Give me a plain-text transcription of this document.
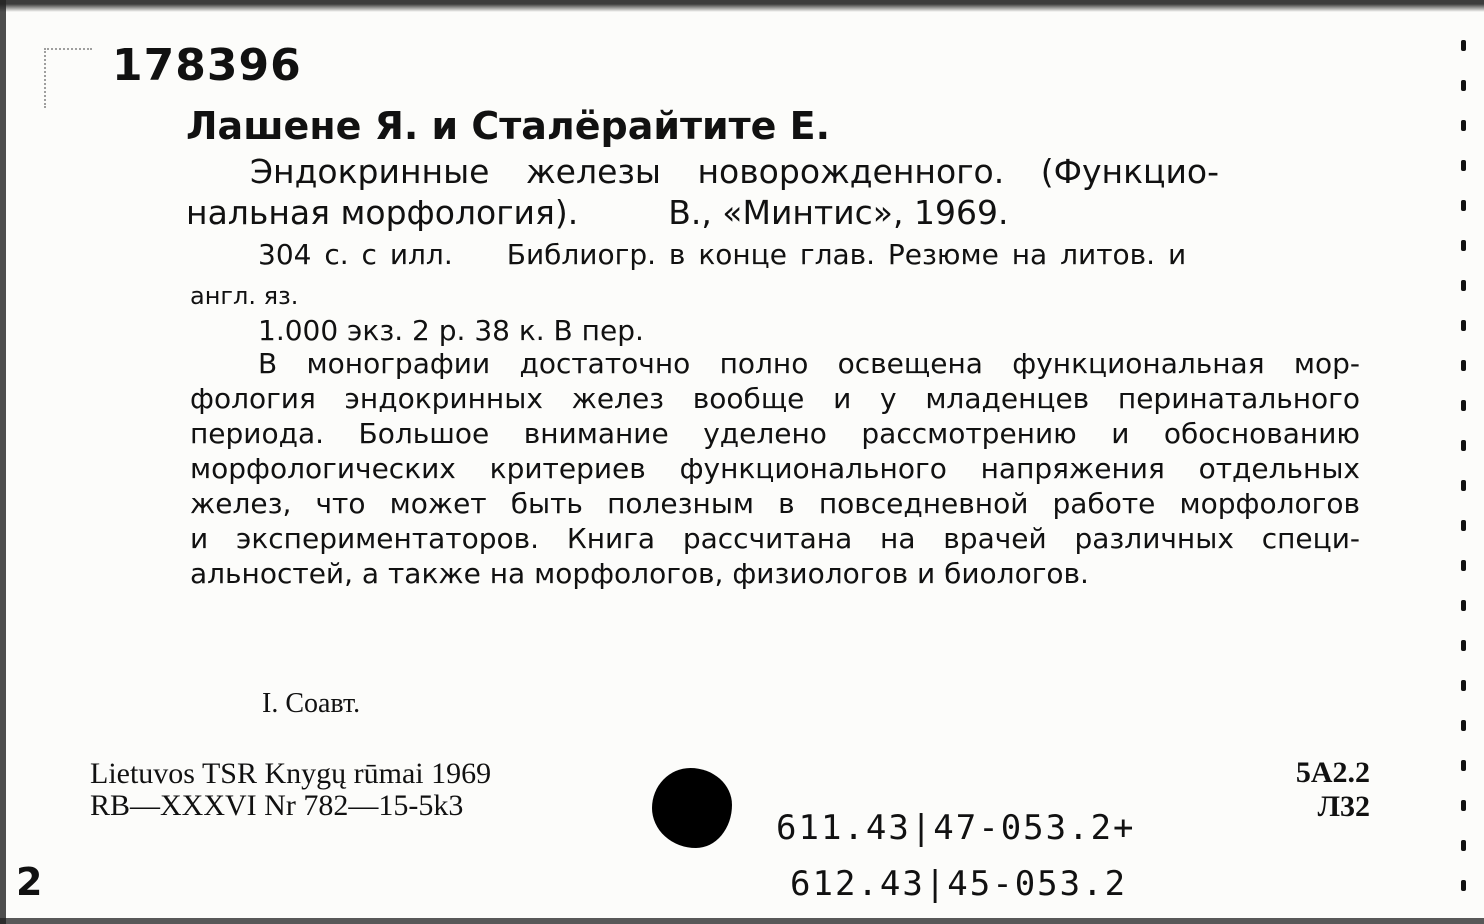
178396
Лашене Я. и Сталёрайтите Е.
Эндокринные железы новорожденного. (Функцио-
нальная морфология).	В., «Минтис», 1969.
304 с. с илл. Библиогр. в конце глав. Резюме на литов. и
англ. яз.
1.000 экз. 2 р. 38 к. В пер.
В монографии достаточно полно освещена функциональная мор-
фология эндокринных желез вообще и у младенцев перинатального
периода. Большое внимание уделено рассмотрению и обоснованию
морфологических критериев функционального напряжения отдельных
желез, что может быть полезным в повседневной работе морфологов
и экспериментаторов. Книга рассчитана на врачей различных специ-
альностей, а также на морфологов, физиологов и биологов.
I. Соавт.
Lietuvos TSR Knygų rūmai 1969
RB—XXXVI Nr 782—15-5k3
611.43|47-053.2+
612.43|45-053.2
5А2.2
Л32
2
